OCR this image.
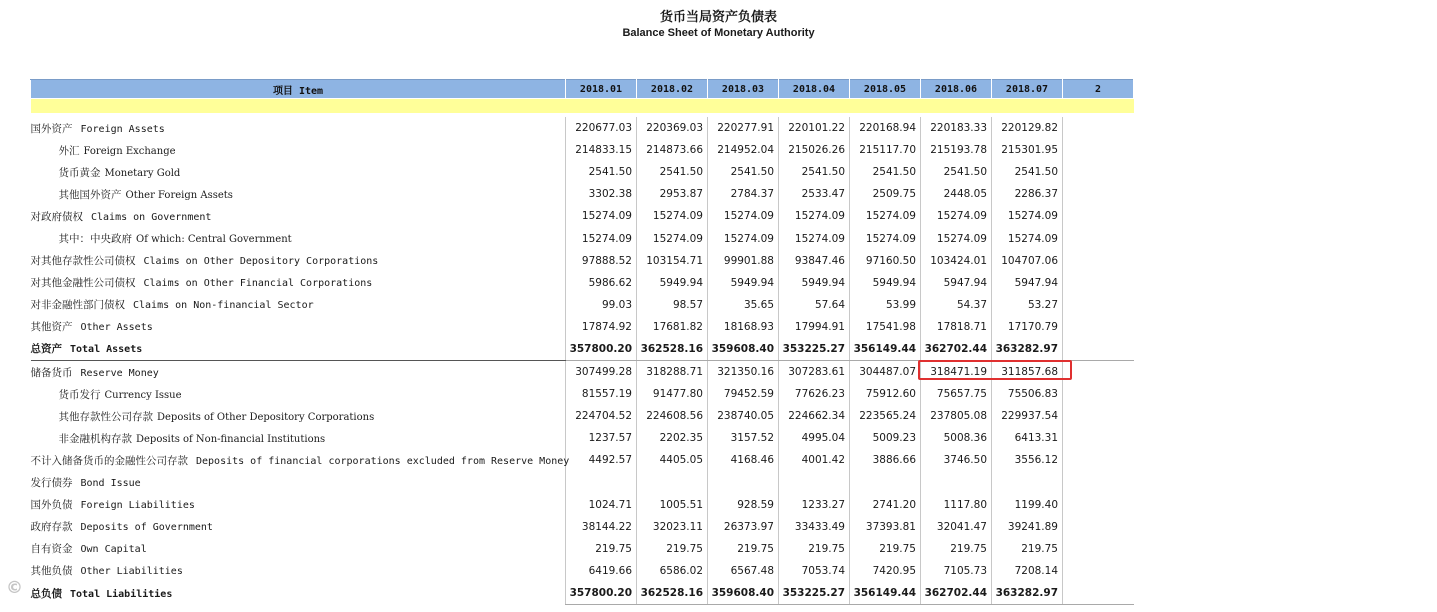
货币当局资产负债表
Balance Sheet of Monetary Authority
项目 Item	2018.01	2018.02	2018.03	2018.04	2018.05	2018.06	2018.07	2

国外资产 Foreign Assets	220677.03	220369.03	220277.91	220101.22	220168.94	220183.33	220129.82	
外汇 Foreign Exchange	214833.15	214873.66	214952.04	215026.26	215117.70	215193.78	215301.95	
货币黄金 Monetary Gold	2541.50	2541.50	2541.50	2541.50	2541.50	2541.50	2541.50	
其他国外资产 Other Foreign Assets	3302.38	2953.87	2784.37	2533.47	2509.75	2448.05	2286.37	
对政府债权 Claims on Government	15274.09	15274.09	15274.09	15274.09	15274.09	15274.09	15274.09	
其中：中央政府 Of which: Central Government	15274.09	15274.09	15274.09	15274.09	15274.09	15274.09	15274.09	
对其他存款性公司债权 Claims on Other Depository Corporations	97888.52	103154.71	99901.88	93847.46	97160.50	103424.01	104707.06	
对其他金融性公司债权 Claims on Other Financial Corporations	5986.62	5949.94	5949.94	5949.94	5949.94	5947.94	5947.94	
对非金融性部门债权 Claims on Non-financial Sector	99.03	98.57	35.65	57.64	53.99	54.37	53.27	
其他资产 Other Assets	17874.92	17681.82	18168.93	17994.91	17541.98	17818.71	17170.79	
总资产 Total Assets	357800.20	362528.16	359608.40	353225.27	356149.44	362702.44	363282.97	
储备货币 Reserve Money	307499.28	318288.71	321350.16	307283.61	304487.07	318471.19	311857.68	
货币发行 Currency Issue	81557.19	91477.80	79452.59	77626.23	75912.60	75657.75	75506.83	
其他存款性公司存款 Deposits of Other Depository Corporations	224704.52	224608.56	238740.05	224662.34	223565.24	237805.08	229937.54	
非金融机构存款 Deposits of Non-financial Institutions	1237.57	2202.35	3157.52	4995.04	5009.23	5008.36	6413.31	
不计入储备货币的金融性公司存款 Deposits of financial corporations excluded from Reserve Money	4492.57	4405.05	4168.46	4001.42	3886.66	3746.50	3556.12	
发行债券 Bond Issue								
国外负债 Foreign Liabilities	1024.71	1005.51	928.59	1233.27	2741.20	1117.80	1199.40	
政府存款 Deposits of Government	38144.22	32023.11	26373.97	33433.49	37393.81	32041.47	39241.89	
自有资金 Own Capital	219.75	219.75	219.75	219.75	219.75	219.75	219.75	
其他负债 Other Liabilities	6419.66	6586.02	6567.48	7053.74	7420.95	7105.73	7208.14	
总负债 Total Liabilities	357800.20	362528.16	359608.40	353225.27	356149.44	362702.44	363282.97	
©
